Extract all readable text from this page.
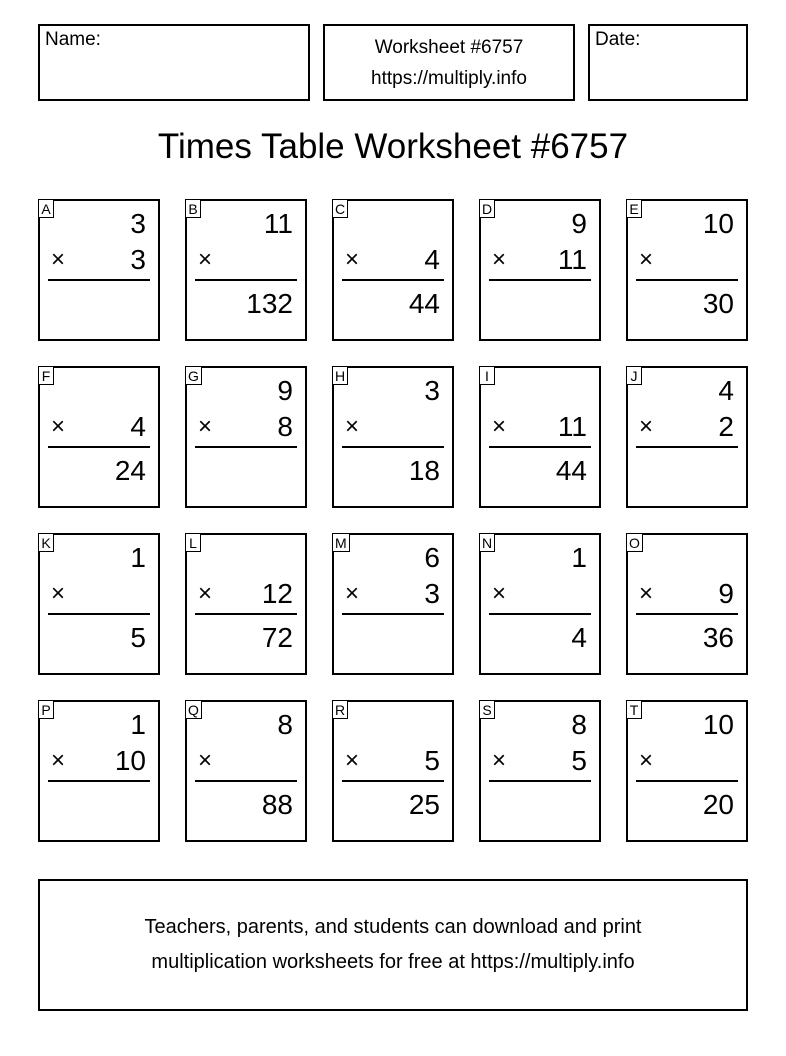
Name:	Worksheet #6757
https://multiply.info
Date:
Times Table Worksheet #6757
A	3
× 3
B 11
×
132
C
× 4
44
D	9
× 11
E 10
×
30
F
× 4
24
G	9
× 8
H	3
×
18
I
× 11
44
J	4
× 2
K	1
×
5
L
× 12
72
M	6
× 3
N	1
×
4
O
× 9
36
P	1
× 10
Q	8
×
88
R
× 5
25
S	8
× 5
T 10
×
20
Teachers, parents, and students can download and print
multiplication worksheets for free at https://multiply.info
